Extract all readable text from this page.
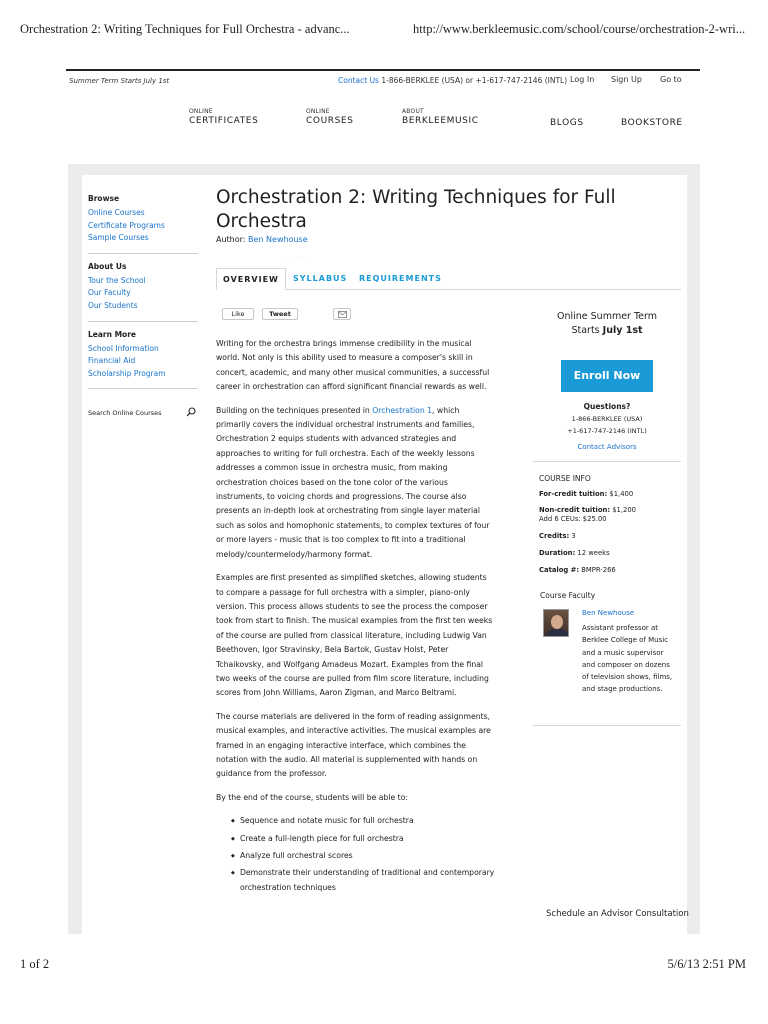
Orchestration 2: Writing Techniques for Full Orchestra - advanc...	http://www.berkleemusic.com/school/course/orchestration-2-wri...
Summer Term Starts July 1st	Contact Us 1-866-BERKLEE (USA) or +1-617-747-2146 (INTL) Log In Sign Up Go to
ONLINE
CERTIFICATES
ONLINE
COURSES
ABOUT
BERKLEEMUSIC	BLOGS	BOOKSTORE
Browse
Online Courses
Certificate Programs
Sample Courses
About Us
Tour the School
Our Faculty
Our Students
Learn More
School Information
Financial Aid
Scholarship Program
Search Online Courses
Orchestration 2: Writing Techniques for Full Orchestra
Author: Ben Newhouse
· · · · · · ·
OVERVIEW	SYLLABUS REQUIREMENTS
Like	Tweet

Writing for the orchestra brings immense credibility in the musical world. Not only is this ability used to measure a composer's skill in concert, academic, and many other musical communities, a successful career in orchestration can afford significant financial rewards as well.

Building on the techniques presented in Orchestration 1, which primarily covers the individual orchestral instruments and families, Orchestration 2 equips students with advanced strategies and approaches to writing for full orchestra. Each of the weekly lessons addresses a common issue in orchestra music, from making orchestration choices based on the tone color of the various instruments, to voicing chords and progressions. The course also presents an in-depth look at orchestrating from single layer material such as solos and homophonic statements, to complex textures of four or more layers - music that is too complex to fit into a traditional melody/countermelody/harmony format.

Examples are first presented as simplified sketches, allowing students to compare a passage for full orchestra with a simpler, piano-only version. This process allows students to see the process the composer took from start to finish. The musical examples from the first ten weeks of the course are pulled from classical literature, including Ludwig Van Beethoven, Igor Stravinsky, Bela Bartok, Gustav Holst, Peter Tchaikovsky, and Wolfgang Amadeus Mozart. Examples from the final two weeks of the course are pulled from film score literature, including scores from John Williams, Aaron Zigman, and Marco Beltrami.

The course materials are delivered in the form of reading assignments, musical examples, and interactive activities. The musical examples are framed in an engaging interactive interface, which combines the notation with the audio. All material is supplemented with hands on guidance from the professor.

By the end of the course, students will be able to:

◆ Sequence and notate music for full orchestra
◆ Create a full-length piece for full orchestra
◆ Analyze full orchestral scores
◆ Demonstrate their understanding of traditional and contemporary orchestration techniques
Online Summer Term
Starts July 1st
Enroll Now
Questions?
1-866-BERKLEE (USA)
+1-617-747-2146 (INTL)
Contact Advisors
COURSE INFO
For-credit tuition: $1,400
Non-credit tuition: $1,200
Add 6 CEUs: $25.00
Credits: 3
Duration: 12 weeks
Catalog #: BMPR-266
Course Faculty
Ben Newhouse
Assistant professor at Berklee College of Music and a music supervisor and composer on dozens of television shows, films, and stage productions.
Schedule an Advisor Consultation
1 of 2	5/6/13 2:51 PM
